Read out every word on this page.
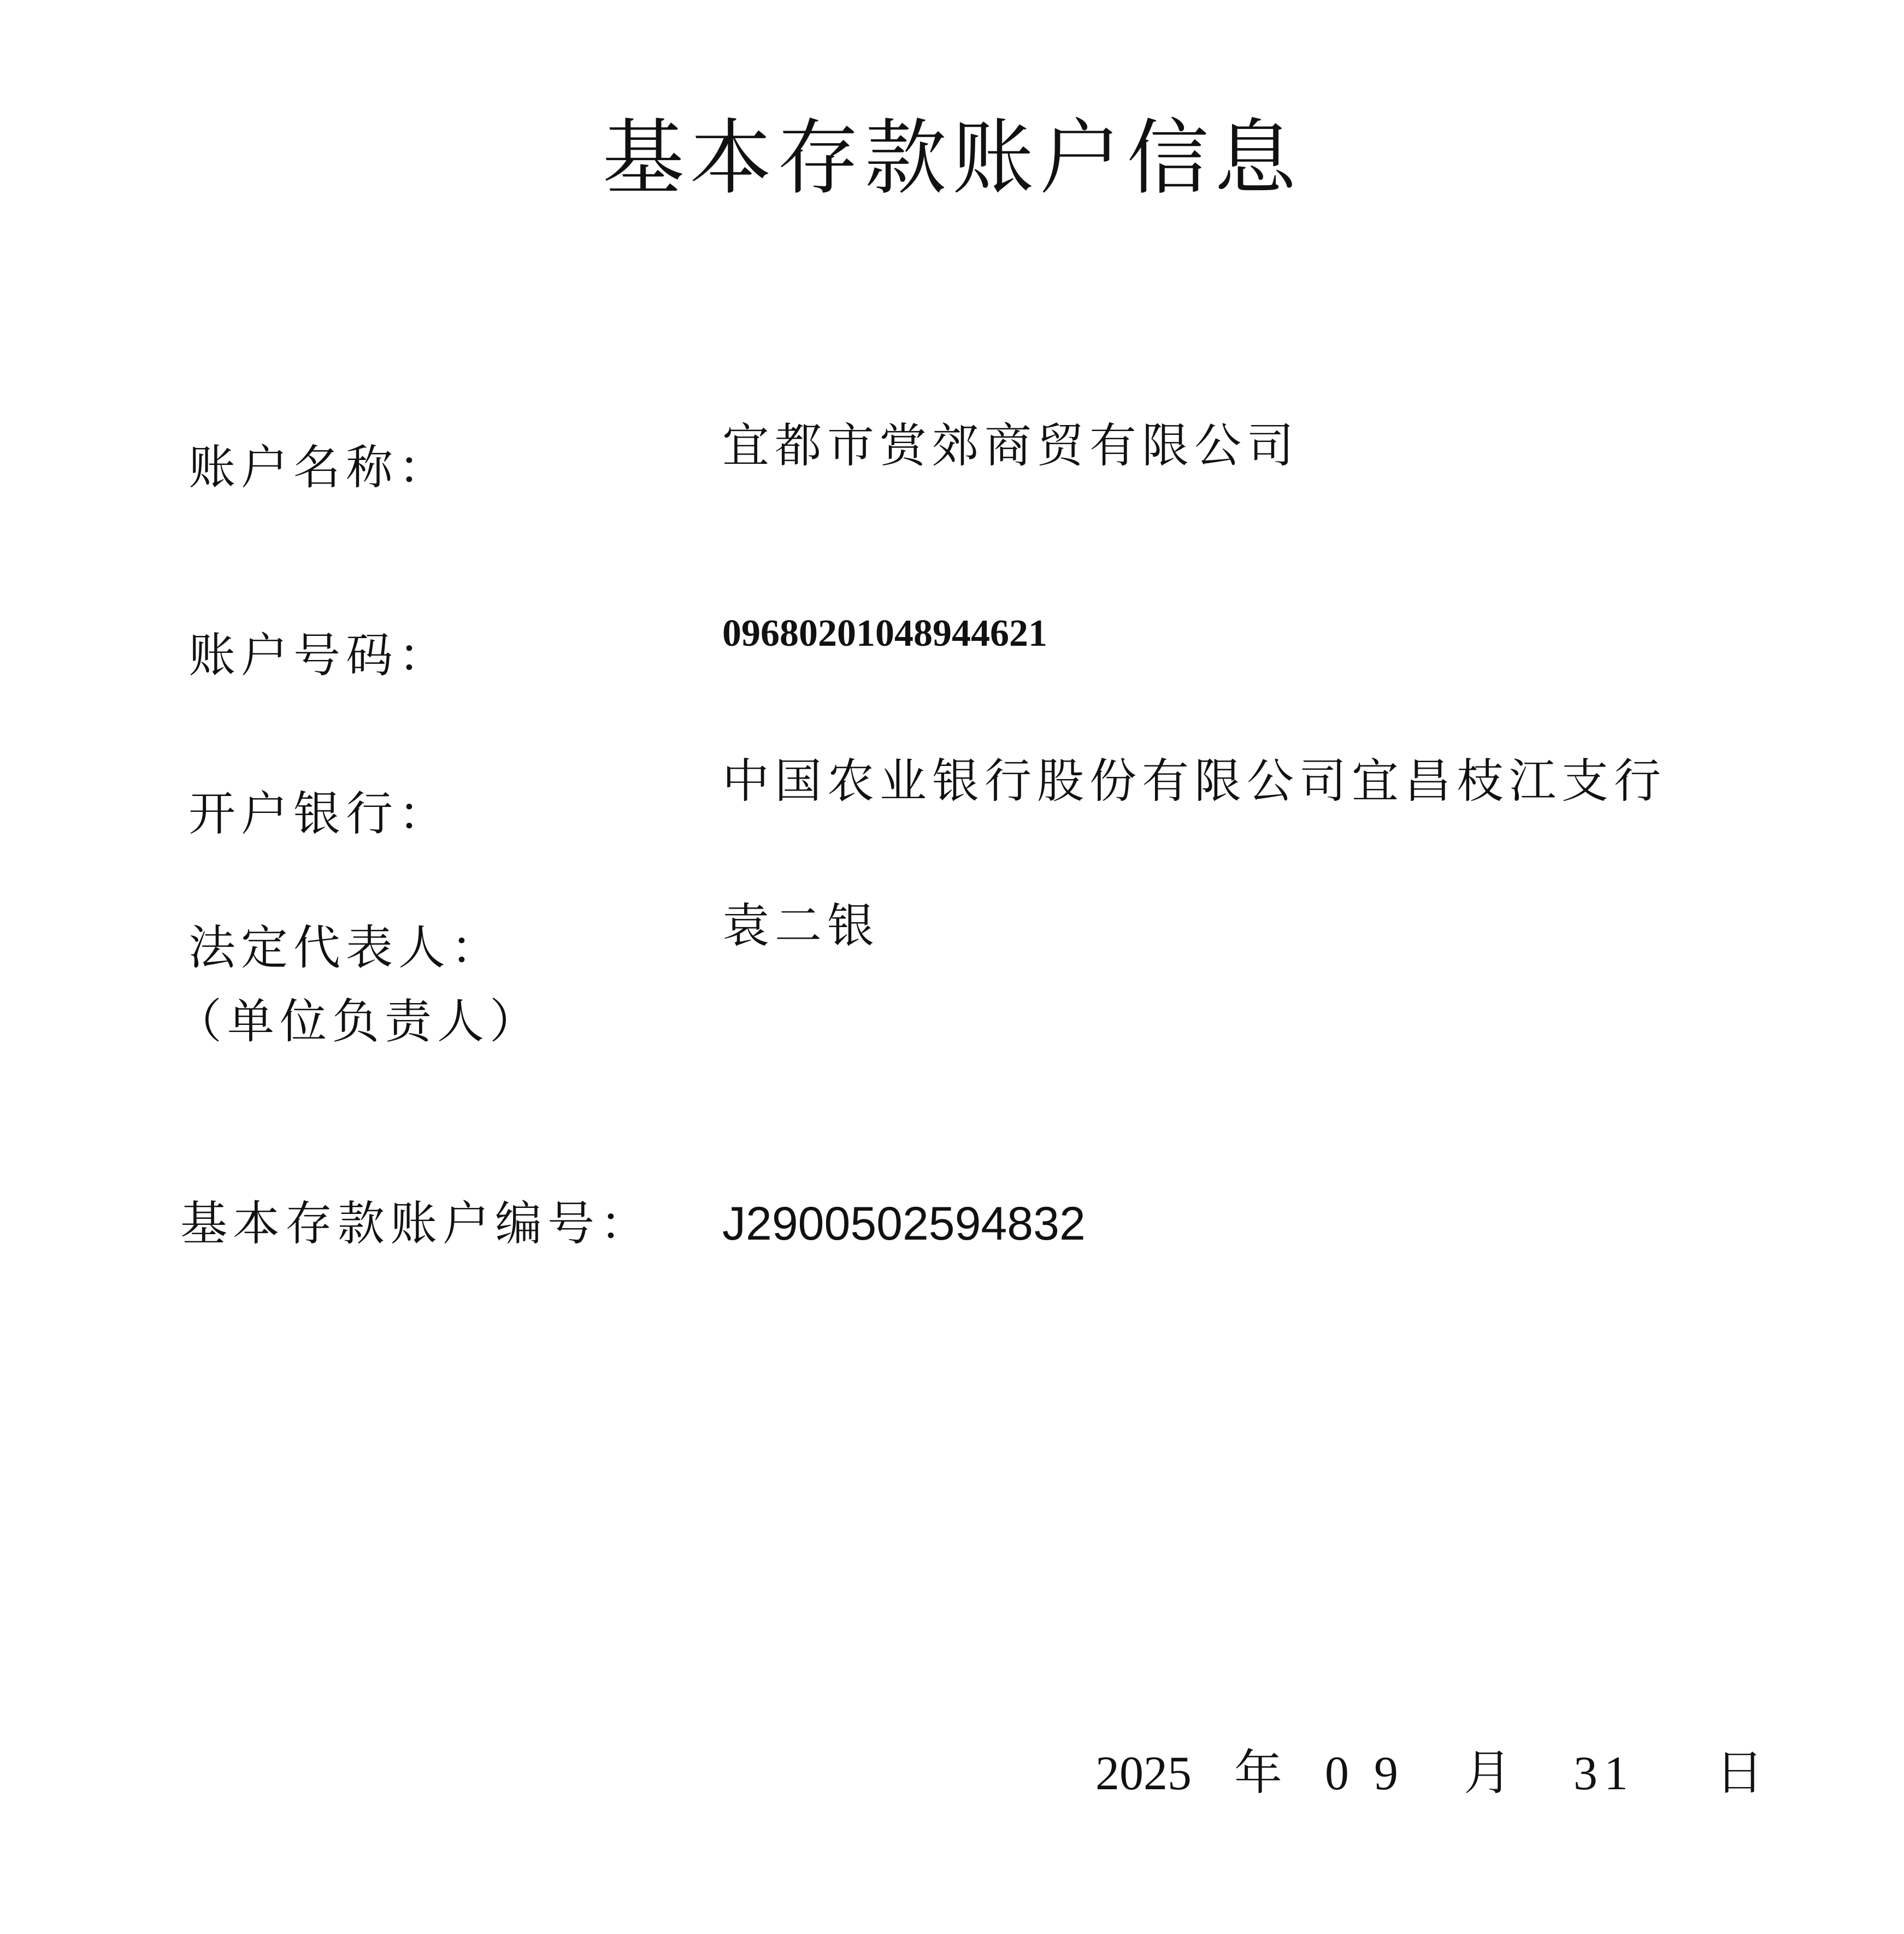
基本存款账户信息
账户名称：	宜都市赏郊商贸有限公司
账户号码：	09680201048944621
开户银行：
中国农业银行股份有限公司宜昌枝江支行
法定代表人：
（单位负责人）
袁二银
基本存款账户编号： J2900502594832
2025 年 0 9 月 31 日
